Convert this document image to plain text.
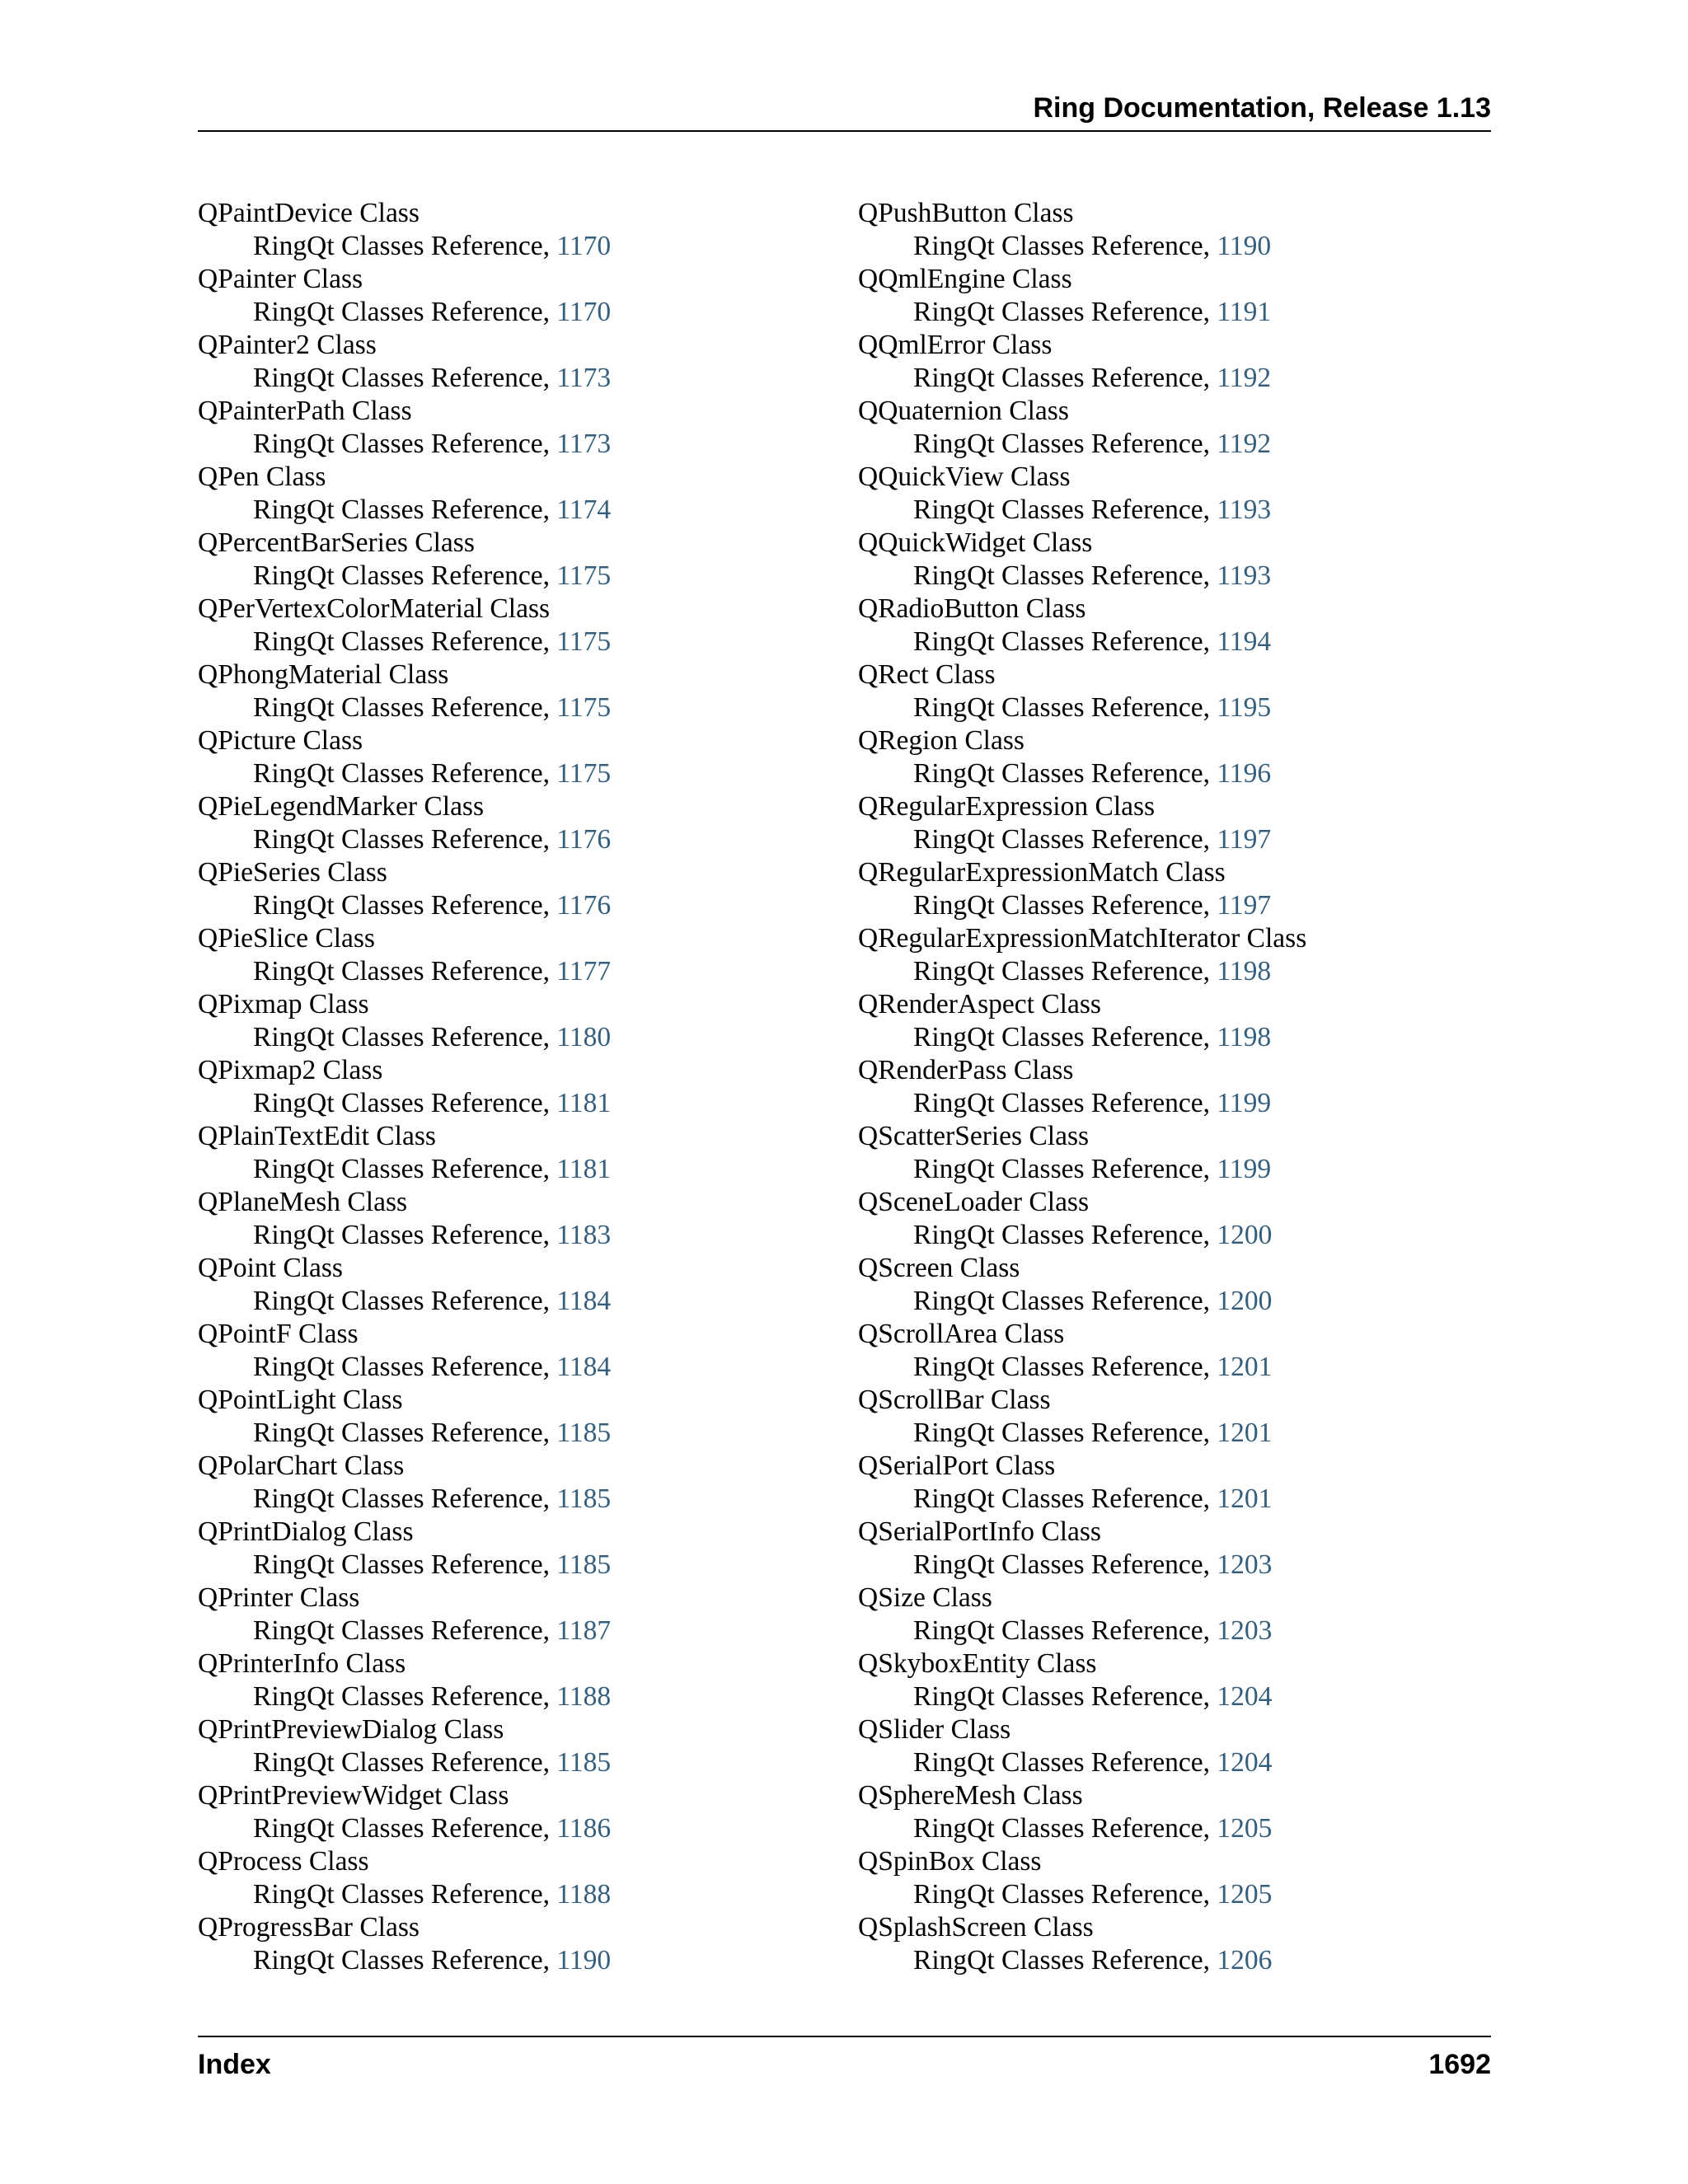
Ring Documentation, Release 1.13
QPaintDevice Class
RingQt Classes Reference, 1170
QPainter Class
RingQt Classes Reference, 1170
QPainter2 Class
RingQt Classes Reference, 1173
QPainterPath Class
RingQt Classes Reference, 1173
QPen Class
RingQt Classes Reference, 1174
QPercentBarSeries Class
RingQt Classes Reference, 1175
QPerVertexColorMaterial Class
RingQt Classes Reference, 1175
QPhongMaterial Class
RingQt Classes Reference, 1175
QPicture Class
RingQt Classes Reference, 1175
QPieLegendMarker Class
RingQt Classes Reference, 1176
QPieSeries Class
RingQt Classes Reference, 1176
QPieSlice Class
RingQt Classes Reference, 1177
QPixmap Class
RingQt Classes Reference, 1180
QPixmap2 Class
RingQt Classes Reference, 1181
QPlainTextEdit Class
RingQt Classes Reference, 1181
QPlaneMesh Class
RingQt Classes Reference, 1183
QPoint Class
RingQt Classes Reference, 1184
QPointF Class
RingQt Classes Reference, 1184
QPointLight Class
RingQt Classes Reference, 1185
QPolarChart Class
RingQt Classes Reference, 1185
QPrintDialog Class
RingQt Classes Reference, 1185
QPrinter Class
RingQt Classes Reference, 1187
QPrinterInfo Class
RingQt Classes Reference, 1188
QPrintPreviewDialog Class
RingQt Classes Reference, 1185
QPrintPreviewWidget Class
RingQt Classes Reference, 1186
QProcess Class
RingQt Classes Reference, 1188
QProgressBar Class
RingQt Classes Reference, 1190
QPushButton Class
RingQt Classes Reference, 1190
QQmlEngine Class
RingQt Classes Reference, 1191
QQmlError Class
RingQt Classes Reference, 1192
QQuaternion Class
RingQt Classes Reference, 1192
QQuickView Class
RingQt Classes Reference, 1193
QQuickWidget Class
RingQt Classes Reference, 1193
QRadioButton Class
RingQt Classes Reference, 1194
QRect Class
RingQt Classes Reference, 1195
QRegion Class
RingQt Classes Reference, 1196
QRegularExpression Class
RingQt Classes Reference, 1197
QRegularExpressionMatch Class
RingQt Classes Reference, 1197
QRegularExpressionMatchIterator Class
RingQt Classes Reference, 1198
QRenderAspect Class
RingQt Classes Reference, 1198
QRenderPass Class
RingQt Classes Reference, 1199
QScatterSeries Class
RingQt Classes Reference, 1199
QSceneLoader Class
RingQt Classes Reference, 1200
QScreen Class
RingQt Classes Reference, 1200
QScrollArea Class
RingQt Classes Reference, 1201
QScrollBar Class
RingQt Classes Reference, 1201
QSerialPort Class
RingQt Classes Reference, 1201
QSerialPortInfo Class
RingQt Classes Reference, 1203
QSize Class
RingQt Classes Reference, 1203
QSkyboxEntity Class
RingQt Classes Reference, 1204
QSlider Class
RingQt Classes Reference, 1204
QSphereMesh Class
RingQt Classes Reference, 1205
QSpinBox Class
RingQt Classes Reference, 1205
QSplashScreen Class
RingQt Classes Reference, 1206
Index	1692
